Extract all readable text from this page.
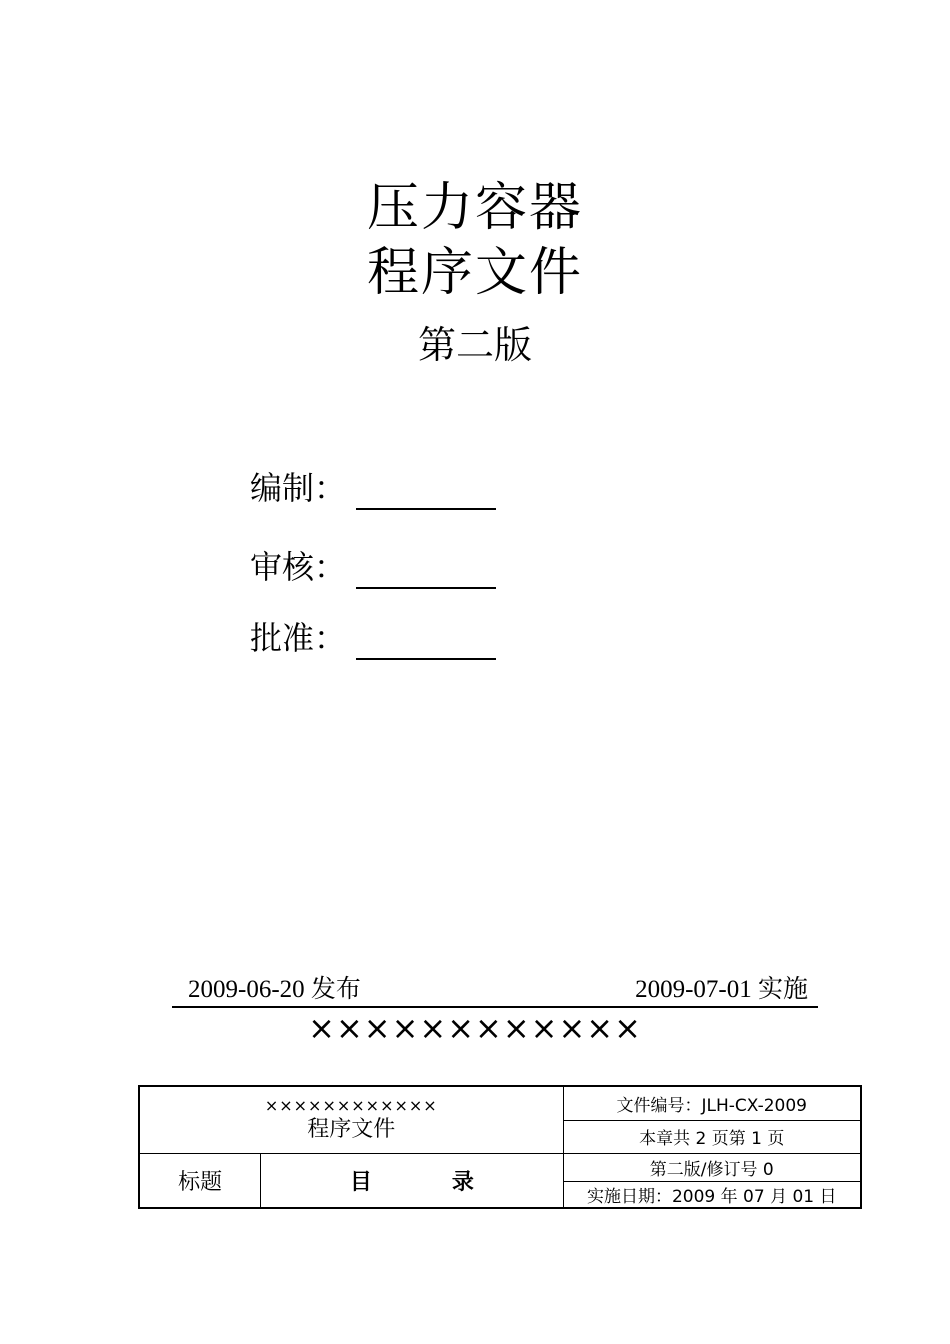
压力容器
程序文件
第二版
编制：
审核：
批准：
2009-06-20 发布	2009-07-01 实施
××××××××××××
××××××××××××
程序文件		文件编号：JLH-CX-2009
		本章共 2 页第 1 页
标题	目 录	第二版/修订号 0
		实施日期：2009 年 07 月 01 日
